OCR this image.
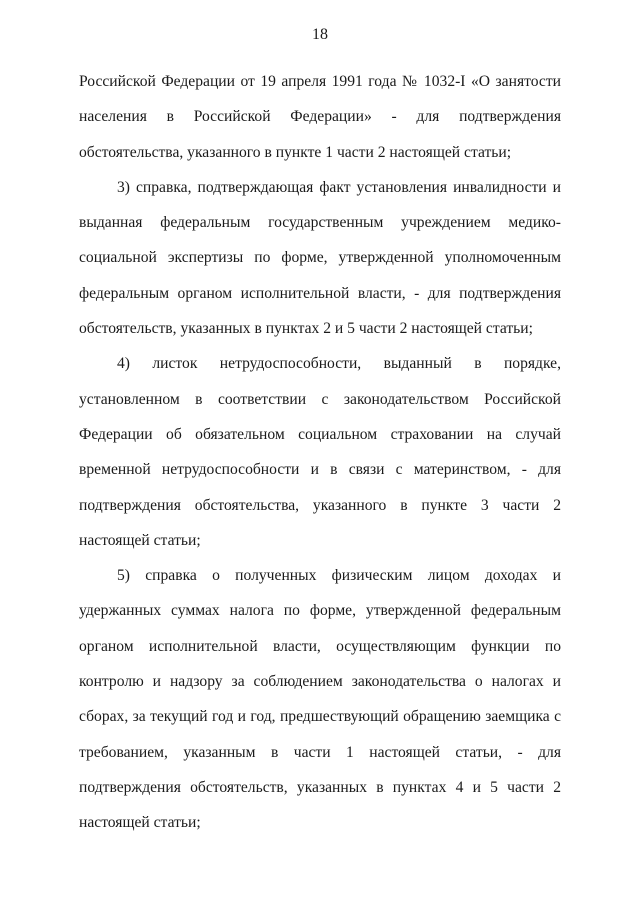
18

Российской Федерации от 19 апреля 1991 года № 1032-I «О занятости населения в Российской Федерации» - для подтверждения обстоятельства, указанного в пункте 1 части 2 настоящей статьи;

3) справка, подтверждающая факт установления инвалидности и выданная федеральным государственным учреждением медико-социальной экспертизы по форме, утвержденной уполномоченным федеральным органом исполнительной власти, - для подтверждения обстоятельств, указанных в пунктах 2 и 5 части 2 настоящей статьи;

4) листок нетрудоспособности, выданный в порядке, установленном в соответствии с законодательством Российской Федерации об обязательном социальном страховании на случай временной нетрудоспособности и в связи с материнством, - для подтверждения обстоятельства, указанного в пункте 3 части 2 настоящей статьи;

5) справка о полученных физическим лицом доходах и удержанных суммах налога по форме, утвержденной федеральным органом исполнительной власти, осуществляющим функции по контролю и надзору за соблюдением законодательства о налогах и сборах, за текущий год и год, предшествующий обращению заемщика с требованием, указанным в части 1 настоящей статьи, - для подтверждения обстоятельств, указанных в пунктах 4 и 5 части 2 настоящей статьи;
